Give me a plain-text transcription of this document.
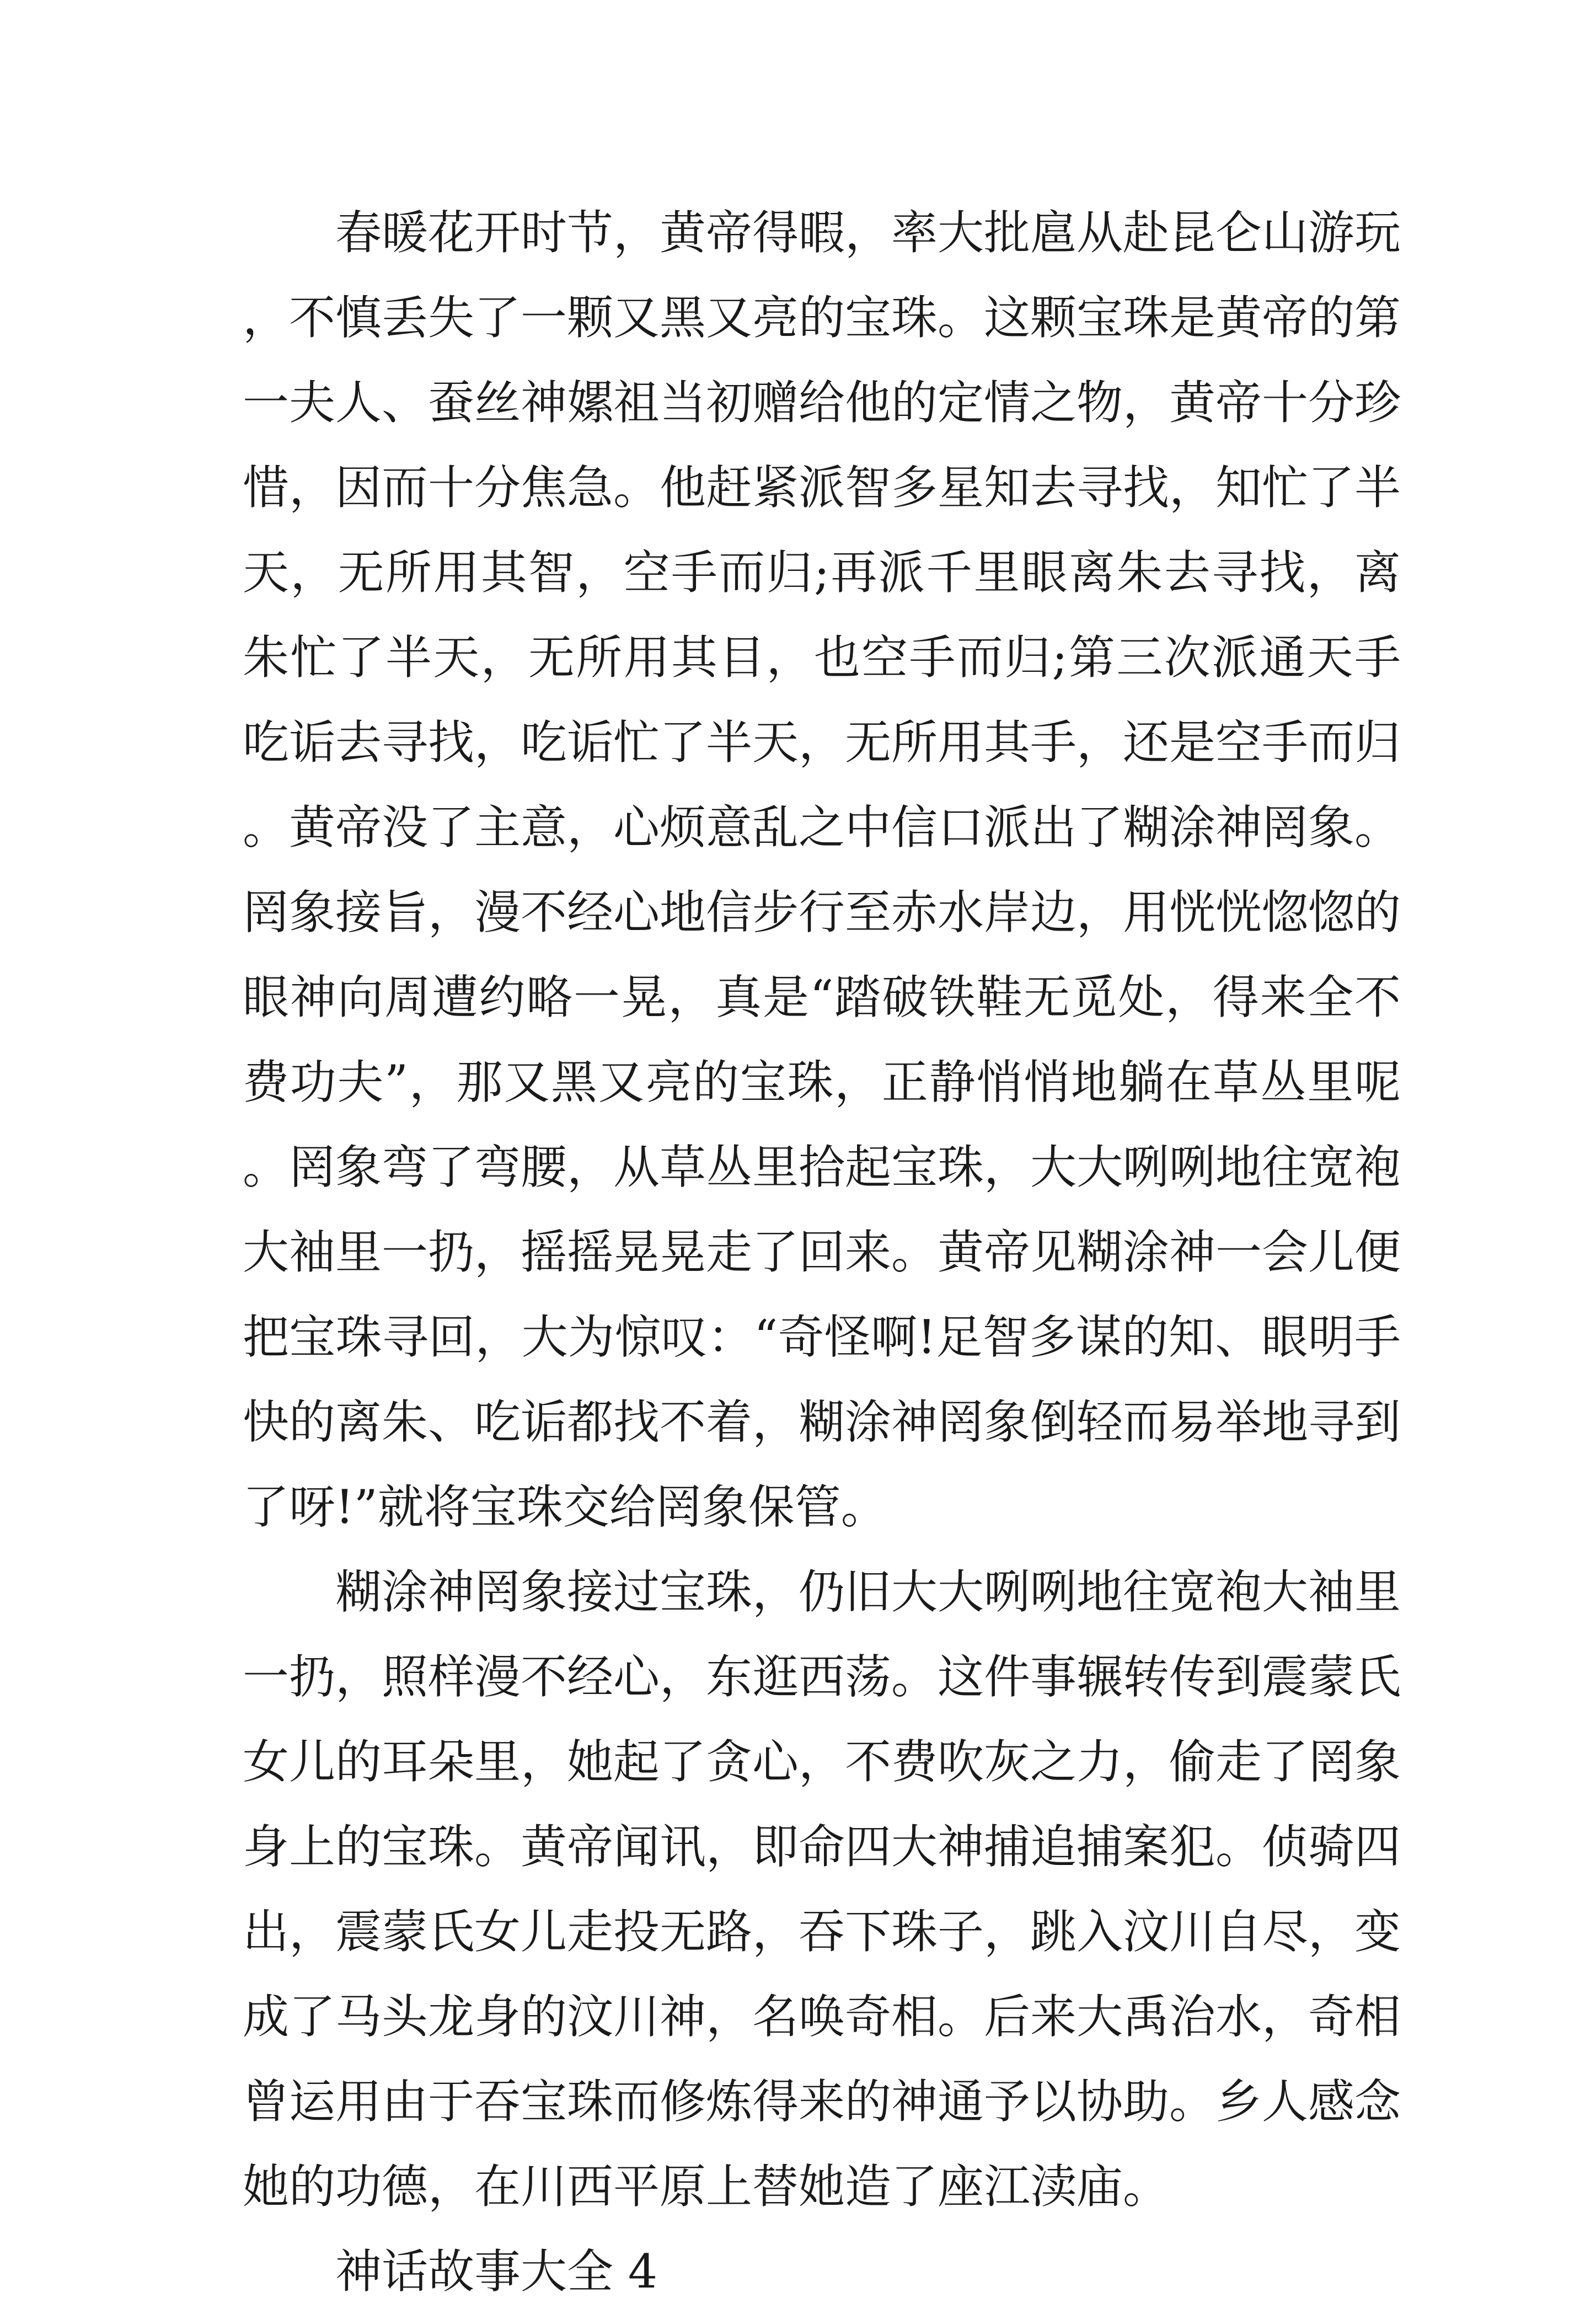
春暖花开时节，黄帝得暇，率大批扈从赴昆仑山游玩，不慎丢失了一颗又黑又亮的宝珠。这颗宝珠是黄帝的第一夫人、蚕丝神嫘祖当初赠给他的定情之物，黄帝十分珍惜，因而十分焦急。他赶紧派智多星知去寻找，知忙了半天，无所用其智，空手而归;再派千里眼离朱去寻找，离朱忙了半天，无所用其目，也空手而归;第三次派通天手吃诟去寻找，吃诟忙了半天，无所用其手，还是空手而归。黄帝没了主意，心烦意乱之中信口派出了糊涂神罔象。罔象接旨，漫不经心地信步行至赤水岸边，用恍恍惚惚的眼神向周遭约略一晃，真是“踏破铁鞋无觅处，得来全不费功夫”，那又黑又亮的宝珠，正静悄悄地躺在草丛里呢。罔象弯了弯腰，从草丛里拾起宝珠，大大咧咧地往宽袍大袖里一扔，摇摇晃晃走了回来。黄帝见糊涂神一会儿便把宝珠寻回，大为惊叹：“奇怪啊!足智多谋的知、眼明手快的离朱、吃诟都找不着，糊涂神罔象倒轻而易举地寻到了呀!”就将宝珠交给罔象保管。

糊涂神罔象接过宝珠，仍旧大大咧咧地往宽袍大袖里一扔，照样漫不经心，东逛西荡。这件事辗转传到震蒙氏女儿的耳朵里，她起了贪心，不费吹灰之力，偷走了罔象身上的宝珠。黄帝闻讯，即命四大神捕追捕案犯。侦骑四出，震蒙氏女儿走投无路，吞下珠子，跳入汶川自尽，变成了马头龙身的汶川神，名唤奇相。后来大禹治水，奇相曾运用由于吞宝珠而修炼得来的神通予以协助。乡人感念她的功德，在川西平原上替她造了座江渎庙。

神话故事大全 4
